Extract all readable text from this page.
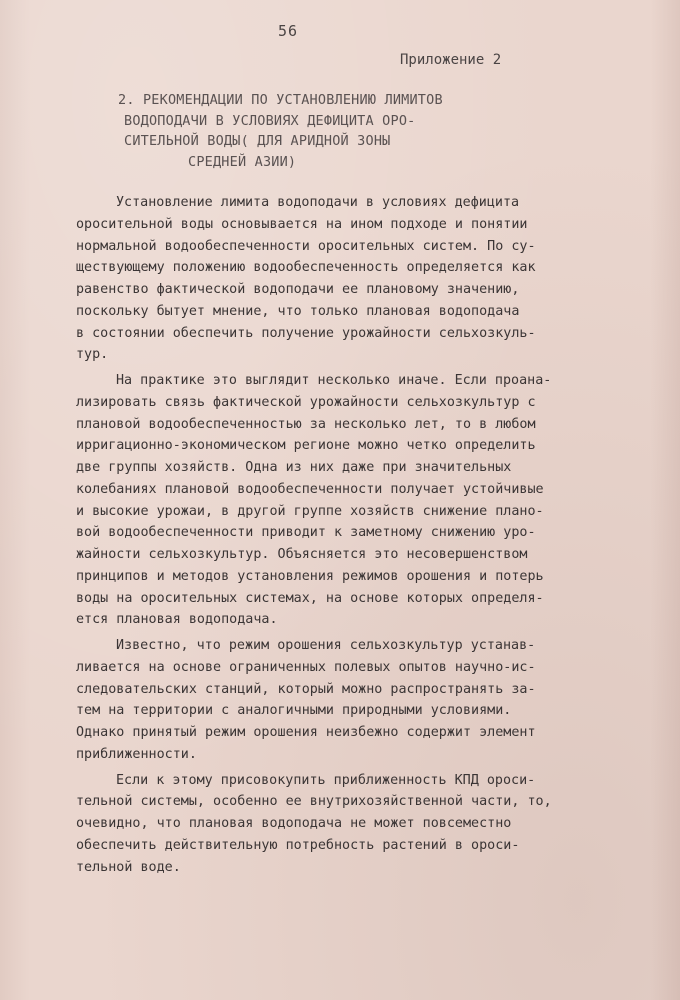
56
Приложение 2
2. РЕКОМЕНДАЦИИ ПО УСТАНОВЛЕНИЮ ЛИМИТОВ
ВОДОПОДАЧИ В УСЛОВИЯХ ДЕФИЦИТА ОРО-
СИТЕЛЬНОЙ ВОДЫ( ДЛЯ АРИДНОЙ ЗОНЫ
СРЕДНЕЙ АЗИИ)
Установление лимита водоподачи в условиях дефицита
оросительной воды основывается на ином подходе и понятии
нормальной водообеспеченности оросительных систем. По су-
ществующему положению водообеспеченность определяется как
равенство фактической водоподачи ее плановому значению,
поскольку бытует мнение, что только плановая водоподача
в состоянии обеспечить получение урожайности сельхозкуль-
тур.
На практике это выглядит несколько иначе. Если проана-
лизировать связь фактической урожайности сельхозкультур с
плановой водообеспеченностью за несколько лет, то в любом
ирригационно-экономическом регионе можно четко определить
две группы хозяйств. Одна из них даже при значительных
колебаниях плановой водообеспеченности получает устойчивые
и высокие урожаи, в другой группе хозяйств снижение плано-
вой водообеспеченности приводит к заметному снижению уро-
жайности сельхозкультур. Объясняется это несовершенством
принципов и методов установления режимов орошения и потерь
воды на оросительных системах, на основе которых определя-
ется плановая водоподача.
Известно, что режим орошения сельхозкультур устанав-
ливается на основе ограниченных полевых опытов научно-ис-
следовательских станций, который можно распространять за-
тем на территории с аналогичными природными условиями.
Однако принятый режим орошения неизбежно содержит элемент
приближенности.
Если к этому присовокупить приближенность КПД ороси-
тельной системы, особенно ее внутрихозяйственной части, то,
очевидно, что плановая водоподача не может повсеместно
обеспечить действительную потребность растений в ороси-
тельной воде.
